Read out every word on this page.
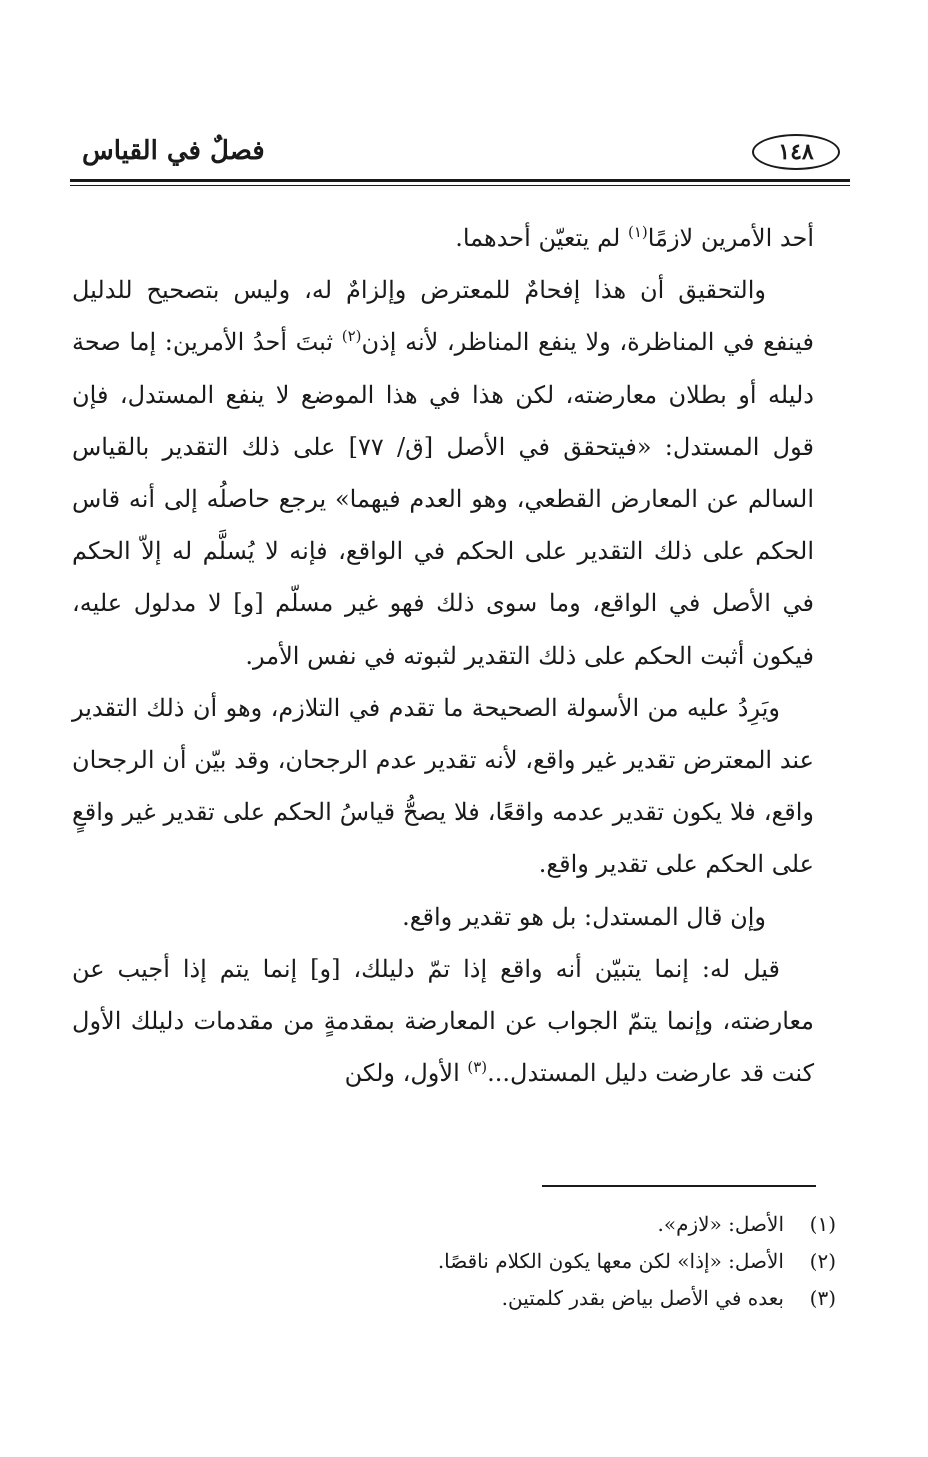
فصلٌ في القياس	١٤٨

أحد الأمرين لازمًا$^{(١)}$ لم يتعيّن أحدهما.

والتحقيق أن هذا إفحامٌ للمعترض وإلزامٌ له، وليس بتصحيح للدليل فينفع في المناظرة، ولا ينفع المناظر، لأنه إذن$^{(٢)}$ ثبتَ أحدُ الأمرين: إما صحة دليله أو بطلان معارضته، لكن هذا في هذا الموضع لا ينفع المستدل، فإن قول المستدل: «فيتحقق في الأصل [ق/ ٧٧] على ذلك التقدير بالقياس السالم عن المعارض القطعي، وهو العدم فيهما» يرجع حاصلُه إلى أنه قاس الحكم على ذلك التقدير على الحكم في الواقع، فإنه لا يُسلَّم له إلاّ الحكم في الأصل في الواقع، وما سوى ذلك فهو غير مسلّم [و] لا مدلول عليه، فيكون أثبت الحكم على ذلك التقدير لثبوته في نفس الأمر.

ويَرِدُ عليه من الأسولة الصحيحة ما تقدم في التلازم، وهو أن ذلك التقدير عند المعترض تقدير غير واقع، لأنه تقدير عدم الرجحان، وقد بيّن أن الرجحان واقع، فلا يكون تقدير عدمه واقعًا، فلا يصحُّ قياسُ الحكم على تقدير غير واقعٍ على الحكم على تقدير واقع.

وإن قال المستدل: بل هو تقدير واقع.

قيل له: إنما يتبيّن أنه واقع إذا تمّ دليلك، [و] إنما يتم إذا أجيب عن معارضته، وإنما يتمّ الجواب عن المعارضة بمقدمةٍ من مقدمات دليلك الأول كنت قد عارضت دليل المستدل...$^{(٣)}$ الأول، ولكن

(١)
الأصل: «لازم».
(٢)
الأصل: «إذا» لكن معها يكون الكلام ناقصًا.
(٣)
بعده في الأصل بياض بقدر كلمتين.
